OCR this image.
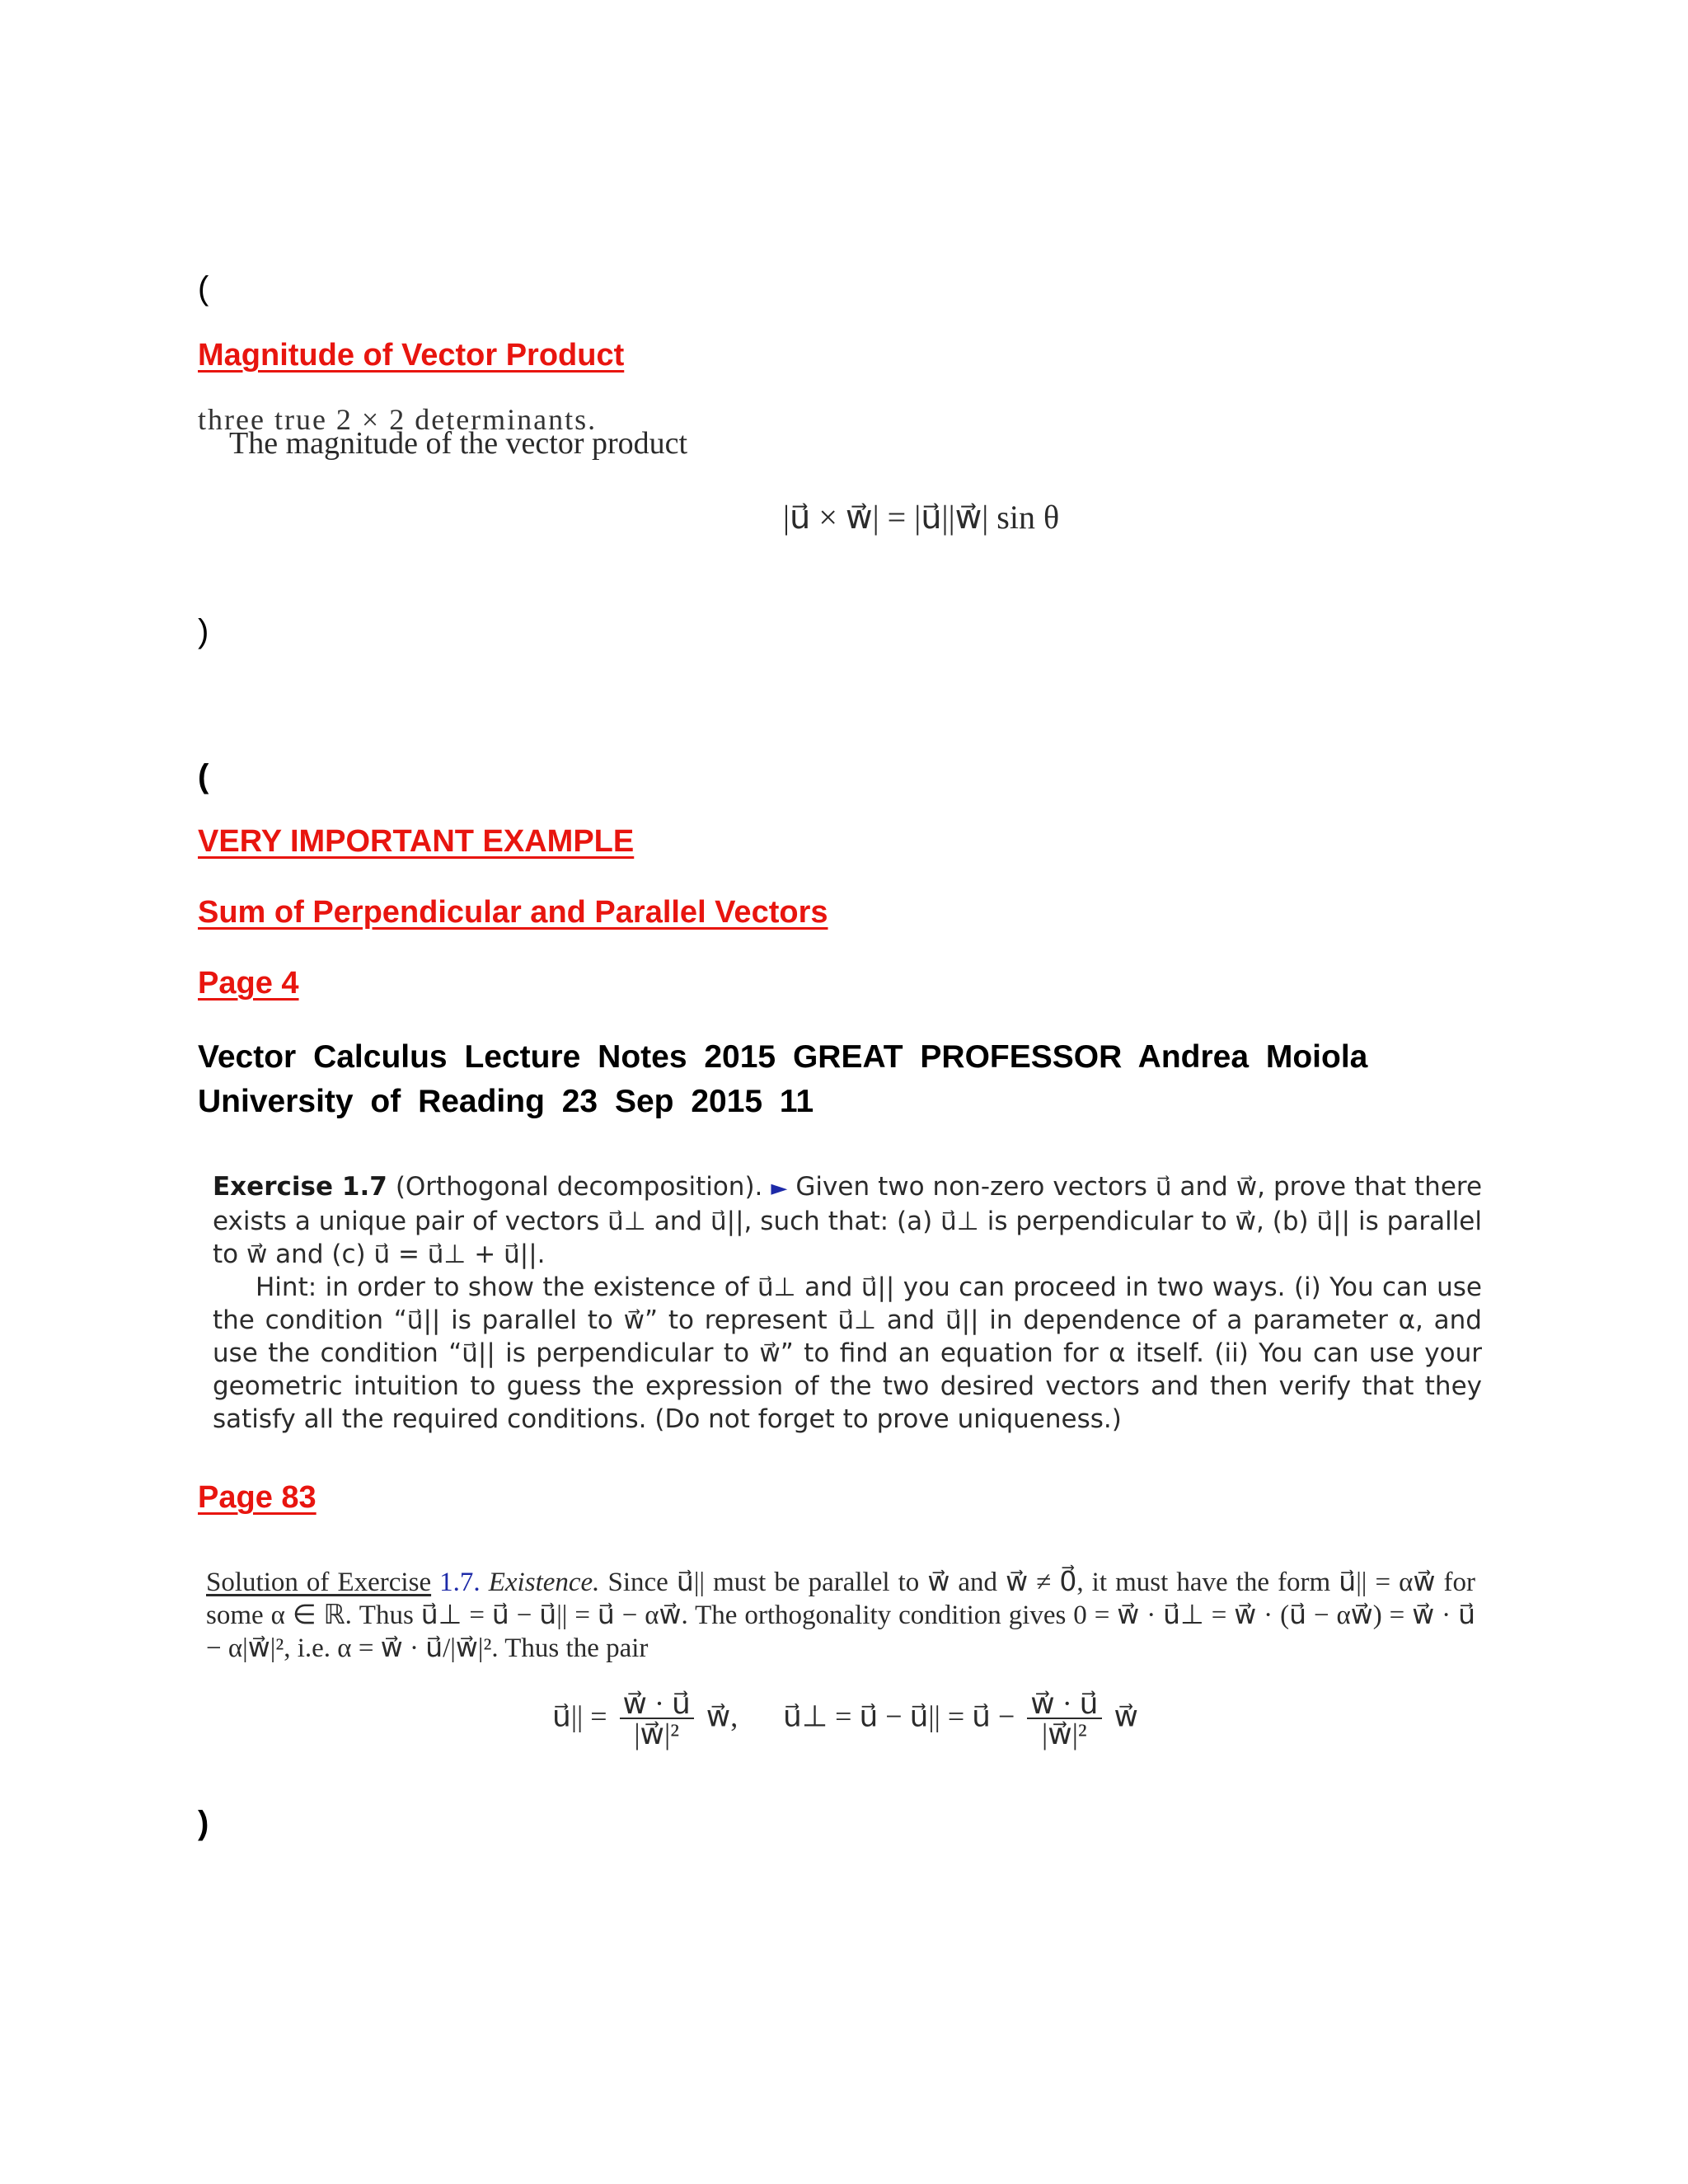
(

Magnitude of Vector Product
three true 2 × 2 determinants.

The magnitude of the vector product

|u⃗ × w⃗| = |u⃗||w⃗| sin θ

)

(

VERY IMPORTANT EXAMPLE
Sum of Perpendicular and Parallel Vectors
Page 4

Vector Calculus Lecture Notes 2015 GREAT PROFESSOR Andrea Moiola University of Reading 23 Sep 2015 11

Exercise 1.7 (Orthogonal decomposition). ► Given two non-zero vectors u⃗ and w⃗, prove that there exists a unique pair of vectors u⃗⊥ and u⃗||, such that: (a) u⃗⊥ is perpendicular to w⃗, (b) u⃗|| is parallel to w⃗ and (c) u⃗ = u⃗⊥ + u⃗||.
Hint: in order to show the existence of u⃗⊥ and u⃗|| you can proceed in two ways. (i) You can use the condition “u⃗|| is parallel to w⃗” to represent u⃗⊥ and u⃗|| in dependence of a parameter α, and use the condition “u⃗|| is perpendicular to w⃗” to find an equation for α itself. (ii) You can use your geometric intuition to guess the expression of the two desired vectors and then verify that they satisfy all the required conditions. (Do not forget to prove uniqueness.)
Page 83
Solution of Exercise 1.7. Existence. Since u⃗|| must be parallel to w⃗ and w⃗ ≠ 0⃗, it must have the form u⃗|| = αw⃗ for some α ∈ ℝ. Thus u⃗⊥ = u⃗ − u⃗|| = u⃗ − αw⃗. The orthogonality condition gives 0 = w⃗ · u⃗⊥ = w⃗ · (u⃗ − αw⃗) = w⃗ · u⃗ − α|w⃗|², i.e. α = w⃗ · u⃗/|w⃗|². Thus the pair
u⃗|| = $\frac{w⃗ \cdot u⃗}{\text{|w⃗|²}}$ w⃗, u⃗⊥ = u⃗ − u⃗|| = u⃗ − $\frac{w⃗ \cdot u⃗}{\text{|w⃗|²}}$ w⃗

)
